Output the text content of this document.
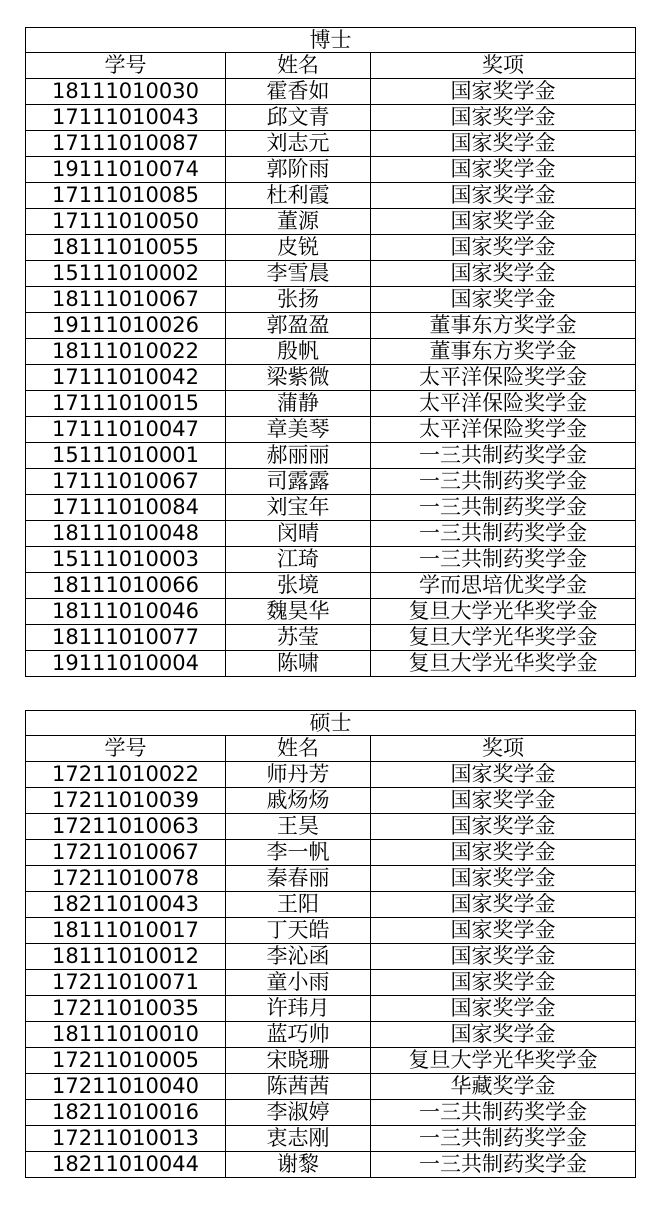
博士		
学号	姓名	奖项
18111010030	霍香如	国家奖学金
17111010043	邱文青	国家奖学金
17111010087	刘志元	国家奖学金
19111010074	郭阶雨	国家奖学金
17111010085	杜利霞	国家奖学金
17111010050	董源	国家奖学金
18111010055	皮锐	国家奖学金
15111010002	李雪晨	国家奖学金
18111010067	张扬	国家奖学金
19111010026	郭盈盈	董事东方奖学金
18111010022	殷帆	董事东方奖学金
17111010042	梁紫微	太平洋保险奖学金
17111010015	蒲静	太平洋保险奖学金
17111010047	章美琴	太平洋保险奖学金
15111010001	郝丽丽	一三共制药奖学金
17111010067	司露露	一三共制药奖学金
17111010084	刘宝年	一三共制药奖学金
18111010048	闵晴	一三共制药奖学金
15111010003	江琦	一三共制药奖学金
18111010066	张境	学而思培优奖学金
18111010046	魏昊华	复旦大学光华奖学金
18111010077	苏莹	复旦大学光华奖学金
19111010004	陈啸	复旦大学光华奖学金
硕士		
学号	姓名	奖项
17211010022	师丹芳	国家奖学金
17211010039	戚炀炀	国家奖学金
17211010063	王昊	国家奖学金
17211010067	李一帆	国家奖学金
17211010078	秦春丽	国家奖学金
18211010043	王阳	国家奖学金
18111010017	丁天皓	国家奖学金
18111010012	李沁函	国家奖学金
17211010071	童小雨	国家奖学金
17211010035	许玮月	国家奖学金
18111010010	蓝巧帅	国家奖学金
17211010005	宋晓珊	复旦大学光华奖学金
17211010040	陈茜茜	华藏奖学金
18211010016	李淑婷	一三共制药奖学金
17211010013	衷志刚	一三共制药奖学金
18211010044	谢黎	一三共制药奖学金
